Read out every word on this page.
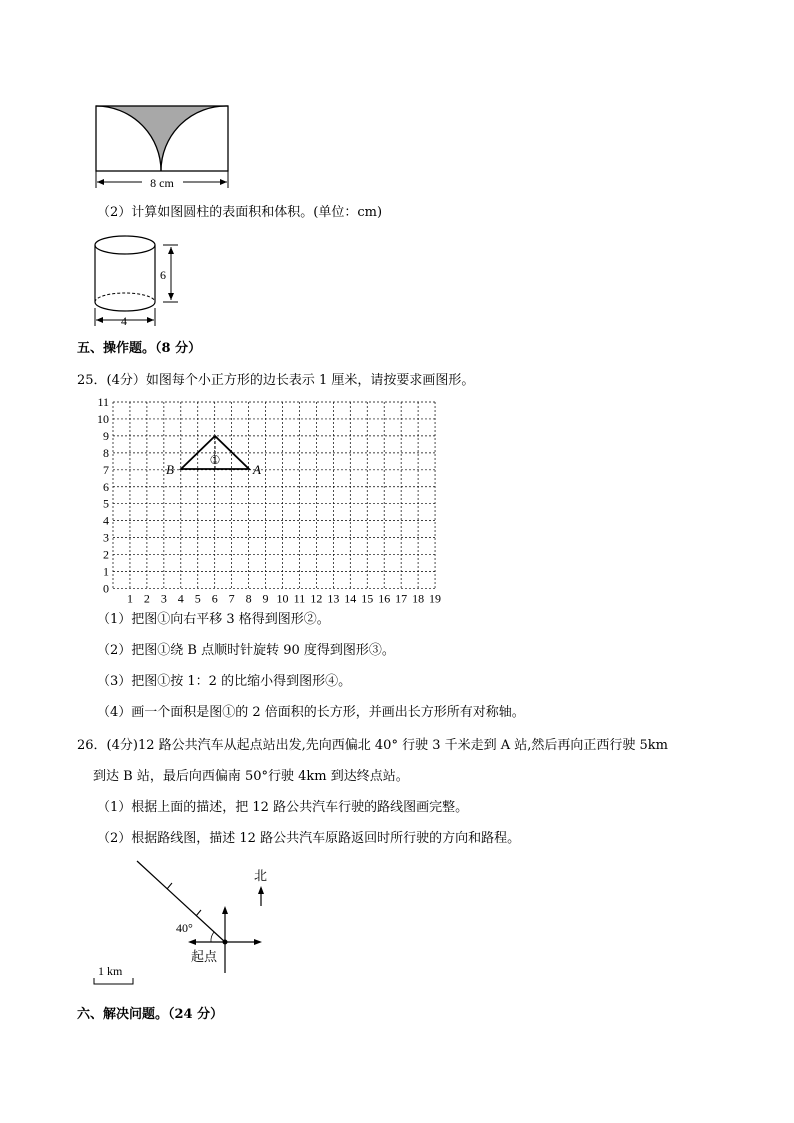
8 cm
（2）计算如图圆柱的表面积和体积。(单位：cm)
6
4
五、操作题。（8 分）
25．(4分）如图每个小正方形的边长表示 1 厘米，请按要求画图形。
11
10
9
8
7
6
5
4
3
2
1
0
1 2 3 4 5 6 7 8 9 10 11 12 13 14 15 16 17 18 19
①
B	A
（1）把图①向右平移 3 格得到图形②。
（2）把图①绕 B 点顺时针旋转 90 度得到图形③。
（3）把图①按 1：2 的比缩小得到图形④。
（4）画一个面积是图①的 2 倍面积的长方形，并画出长方形所有对称轴。
26．(4分)12 路公共汽车从起点站出发,先向西偏北 40° 行驶 3 千米走到 A 站,然后再向正西行驶 5km
到达 B 站，最后向西偏南 50°行驶 4km 到达终点站。
（1）根据上面的描述，把 12 路公共汽车行驶的路线图画完整。
（2）根据路线图，描述 12 路公共汽车原路返回时所行驶的方向和路程。
40°
起点
北
1 km
六、解决问题。（24 分）
